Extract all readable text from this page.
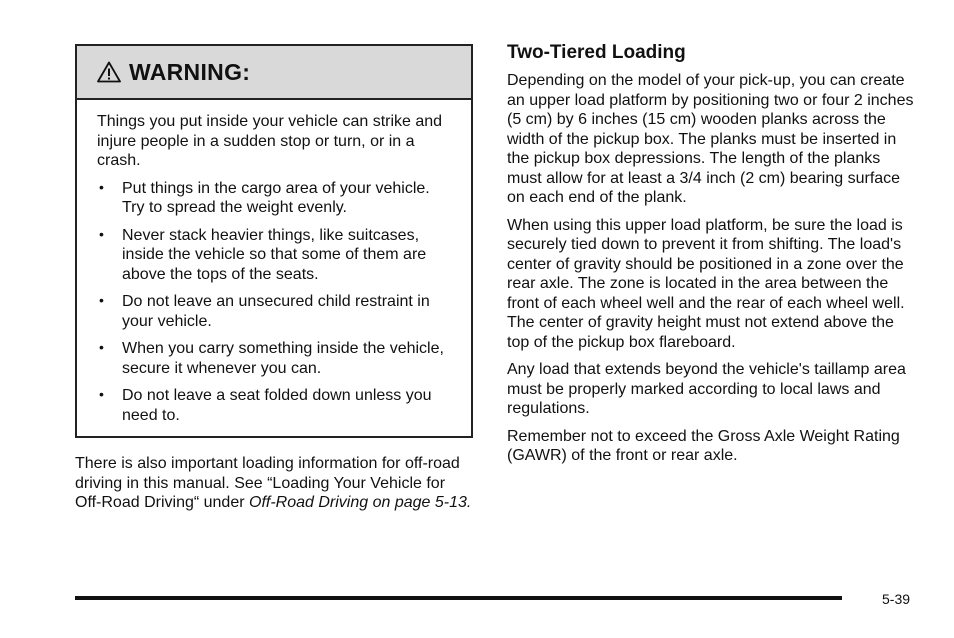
WARNING:

Things you put inside your vehicle can strike and injure people in a sudden stop or turn, or in a crash.

• Put things in the cargo area of your vehicle. Try to spread the weight evenly.
• Never stack heavier things, like suitcases, inside the vehicle so that some of them are above the tops of the seats.
• Do not leave an unsecured child restraint in your vehicle.
• When you carry something inside the vehicle, secure it whenever you can.
• Do not leave a seat folded down unless you need to.

There is also important loading information for off-road driving in this manual. See “Loading Your Vehicle for Off-Road Driving“ under Off-Road Driving on page 5-13.

Two-Tiered Loading

Depending on the model of your pick-up, you can create an upper load platform by positioning two or four 2 inches (5 cm) by 6 inches (15 cm) wooden planks across the width of the pickup box. The planks must be inserted in the pickup box depressions. The length of the planks must allow for at least a 3/4 inch (2 cm) bearing surface on each end of the plank.

When using this upper load platform, be sure the load is securely tied down to prevent it from shifting. The load's center of gravity should be positioned in a zone over the rear axle. The zone is located in the area between the front of each wheel well and the rear of each wheel well. The center of gravity height must not extend above the top of the pickup box flareboard.

Any load that extends beyond the vehicle's taillamp area must be properly marked according to local laws and regulations.

Remember not to exceed the Gross Axle Weight Rating (GAWR) of the front or rear axle.

5-39
